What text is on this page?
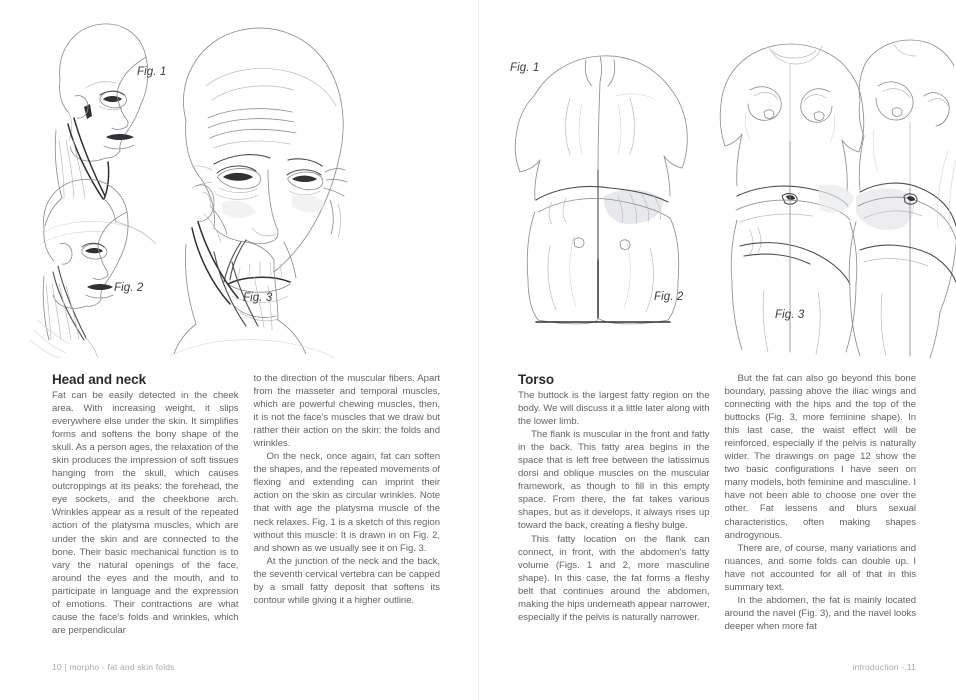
Fig. 1
Fig. 2
Fig. 3
Head and neck

Fat can be easily detected in the cheek area. With increasing weight, it slips everywhere else under the skin. It simplifies forms and softens the bony shape of the skull. As a person ages, the relaxation of the skin produces the impression of soft tissues hanging from the skull, which causes outcroppings at its peaks: the forehead, the eye sockets, and the cheekbone arch. Wrinkles appear as a result of the repeated action of the platysma muscles, which are under the skin and are connected to the bone. Their basic mechanical function is to vary the natural openings of the face, around the eyes and the mouth, and to participate in language and the expression of emotions. Their contractions are what cause the face's folds and wrinkles, which are perpendicular

to the direction of the muscular fibers. Apart from the masseter and temporal muscles, which are powerful chewing muscles, then, it is not the face's muscles that we draw but rather their action on the skin: the folds and wrinkles.

On the neck, once again, fat can soften the shapes, and the repeated movements of flexing and extending can imprint their action on the skin as circular wrinkles. Note that with age the platysma muscle of the neck relaxes. Fig. 1 is a sketch of this region without this muscle: It is drawn in on Fig. 2, and shown as we usually see it on Fig. 3.

At the junction of the neck and the back, the seventh cervical vertebra can be capped by a small fatty deposit that softens its contour while giving it a higher outline.

10 | morpho - fat and skin folds
Fig. 1
Fig. 2
Fig. 3
Torso

The buttock is the largest fatty region on the body. We will discuss it a little later along with the lower limb.

The flank is muscular in the front and fatty in the back. This fatty area begins in the space that is left free between the latissimus dorsi and oblique muscles on the muscular framework, as though to fill in this empty space. From there, the fat takes various shapes, but as it develops, it always rises up toward the back, creating a fleshy bulge.

This fatty location on the flank can connect, in front, with the abdomen's fatty volume (Figs. 1 and 2, more masculine shape). In this case, the fat forms a fleshy belt that continues around the abdomen, making the hips underneath appear narrower, especially if the pelvis is naturally narrower.

But the fat can also go beyond this bone boundary, passing above the iliac wings and connecting with the hips and the top of the buttocks (Fig. 3, more feminine shape). In this last case, the waist effect will be reinforced, especially if the pelvis is naturally wider. The drawings on page 12 show the two basic configurations I have seen on many models, both feminine and masculine. I have not been able to choose one over the other. Fat lessens and blurs sexual characteristics, often making shapes androgynous.

There are, of course, many variations and nuances, and some folds can double up. I have not accounted for all of that in this summary text.

In the abdomen, the fat is mainly located around the navel (Fig. 3), and the navel looks deeper when more fat

introduction - 11
